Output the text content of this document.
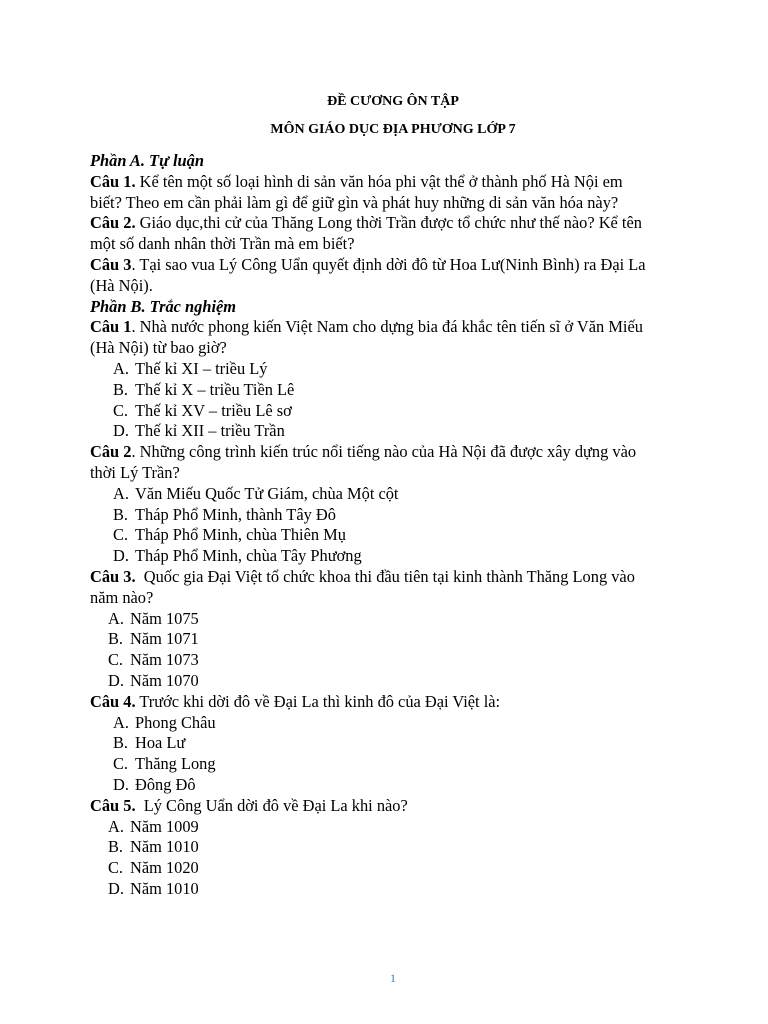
ĐỀ CƯƠNG ÔN TẬP
MÔN GIÁO DỤC ĐỊA PHƯƠNG LỚP 7
Phần A. Tự luận
Câu 1. Kể tên một số loại hình di sản văn hóa phi vật thể ở thành phố Hà Nội em
biết? Theo em cần phải làm gì để giữ gìn và phát huy những di sản văn hóa này?
Câu 2. Giáo dục,thi cử của Thăng Long thời Trần được tổ chức như thế nào? Kể tên
một số danh nhân thời Trần mà em biết?
Câu 3. Tại sao vua Lý Công Uẩn quyết định dời đô từ Hoa Lư(Ninh Bình) ra Đại La
(Hà Nội).
Phần B. Trắc nghiệm
Câu 1. Nhà nước phong kiến Việt Nam cho dựng bia đá khắc tên tiến sĩ ở Văn Miếu
(Hà Nội) từ bao giờ?
A. Thế kỉ XI – triều Lý
B. Thế kỉ X – triều Tiền Lê
C. Thế kỉ XV – triều Lê sơ
D. Thế kỉ XII – triều Trần
Câu 2. Những công trình kiến trúc nổi tiếng nào của Hà Nội đã được xây dựng vào
thời Lý Trần?
A. Văn Miếu Quốc Tử Giám, chùa Một cột
B. Tháp Phổ Minh, thành Tây Đô
C. Tháp Phổ Minh, chùa Thiên Mụ
D. Tháp Phổ Minh, chùa Tây Phương
Câu 3.  Quốc gia Đại Việt tổ chức khoa thi đầu tiên tại kinh thành Thăng Long vào
năm nào?
A. Năm 1075
B. Năm 1071
C. Năm 1073
D. Năm 1070
Câu 4. Trước khi dời đô về Đại La thì kinh đô của Đại Việt là:
A. Phong Châu
B. Hoa Lư
C. Thăng Long
D. Đông Đô
Câu 5.  Lý Công Uẩn dời đô về Đại La khi nào?
A. Năm 1009
B. Năm 1010
C. Năm 1020
D. Năm 1010
1
